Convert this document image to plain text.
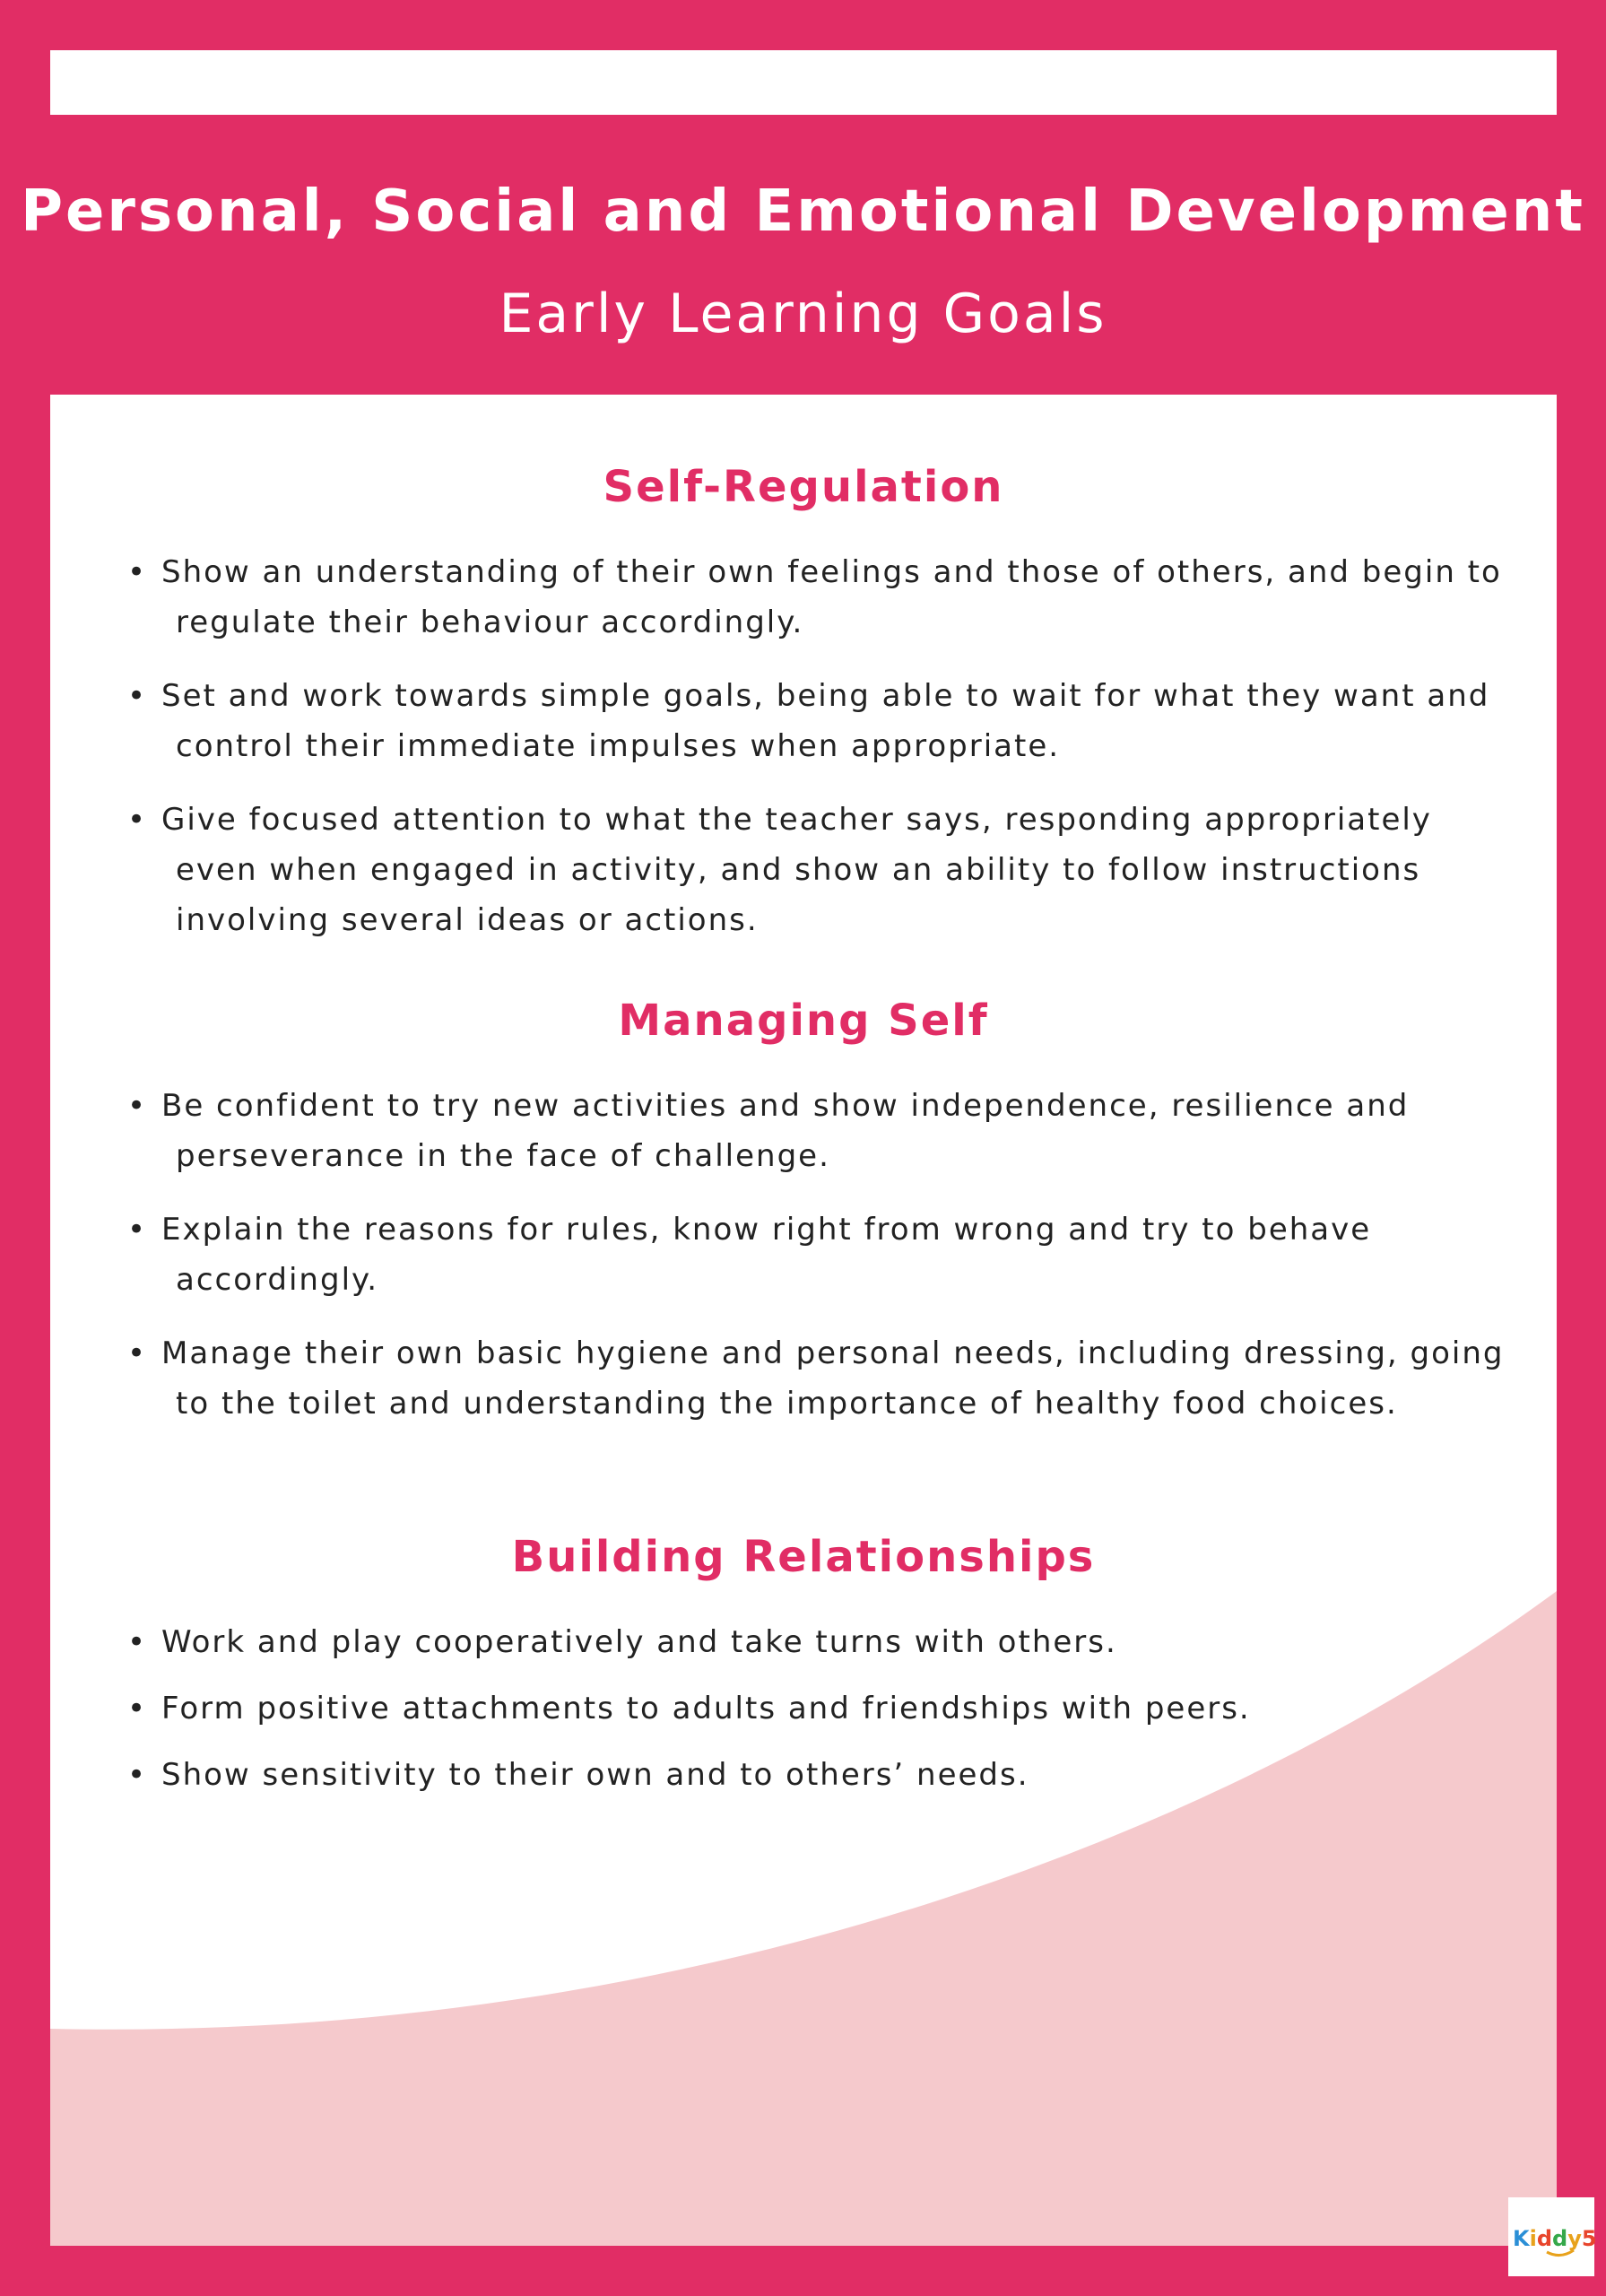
Personal, Social and Emotional Development
Early Learning Goals
Self-Regulation
• Show an understanding of their own feelings and those of others, and begin to regulate their behaviour accordingly.
• Set and work towards simple goals, being able to wait for what they want and control their immediate impulses when appropriate.
• Give focused attention to what the teacher says, responding appropriately even when engaged in activity, and show an ability to follow instructions involving several ideas or actions.
Managing Self
• Be confident to try new activities and show independence, resilience and perseverance in the face of challenge.
• Explain the reasons for rules, know right from wrong and try to behave accordingly.
• Manage their own basic hygiene and personal needs, including dressing, going to the toilet and understanding the importance of healthy food choices.
Building Relationships
• Work and play cooperatively and take turns with others.
• Form positive attachments to adults and friendships with peers.
• Show sensitivity to their own and to others’ needs.
Kiddy5
